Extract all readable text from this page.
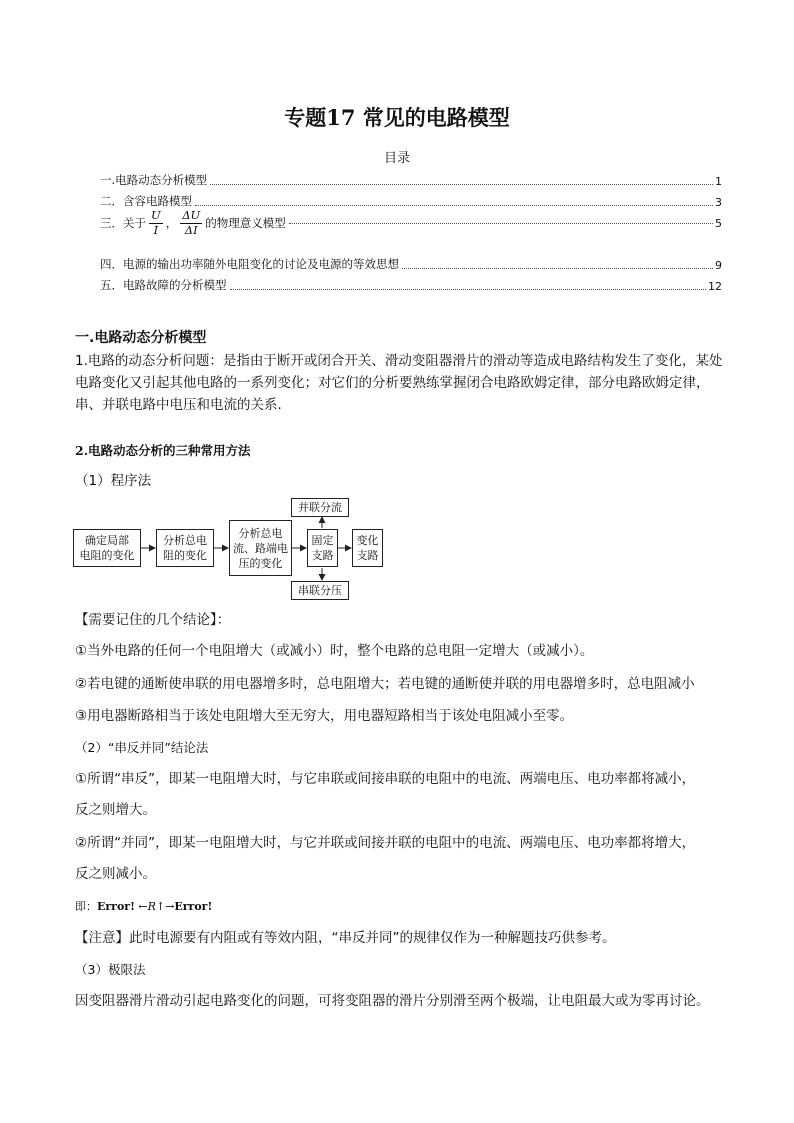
专题17 常见的电路模型
目录
一.电路动态分析模型	1
二．含容电路模型	3
三．关于 $\frac{U}{I}$ ， $\frac{\Delta U}{\Delta I}$ 的物理意义模型	5
四．电源的输出功率随外电阻变化的讨论及电源的等效思想	9
五．电路故障的分析模型	12
一.电路动态分析模型
1.电路的动态分析问题：是指由于断开或闭合开关、滑动变阻器滑片的滑动等造成电路结构发生了变化，某处电路变化又引起其他电路的一系列变化；对它们的分析要熟练掌握闭合电路欧姆定律，部分电路欧姆定律，串、并联电路中电压和电流的关系．
2.电路动态分析的三种常用方法
（1）程序法
确定局部
电阻的变化
分析总电
阻的变化
分析总电
流、路端电
压的变化
固定
支路
变化
支路
并联分流
串联分压
【需要记住的几个结论】：
①当外电路的任何一个电阻增大（或减小）时，整个电路的总电阻一定增大（或减小）。
②若电键的通断使串联的用电器增多时，总电阻增大；若电键的通断使并联的用电器增多时，总电阻减小
③用电器断路相当于该处电阻增大至无穷大，用电器短路相当于该处电阻减小至零。
（2）“串反并同”结论法
①所谓“串反”，即某一电阻增大时，与它串联或间接串联的电阻中的电流、两端电压、电功率都将减小，
反之则增大。
②所谓“并同”，即某一电阻增大时，与它并联或间接并联的电阻中的电流、两端电压、电功率都将增大，
反之则减小。
即：Error! ←R↑→Error!
【注意】此时电源要有内阻或有等效内阻，“串反并同”的规律仅作为一种解题技巧供参考。
（3）极限法
因变阻器滑片滑动引起电路变化的问题，可将变阻器的滑片分别滑至两个极端，让电阻最大或为零再讨论。
